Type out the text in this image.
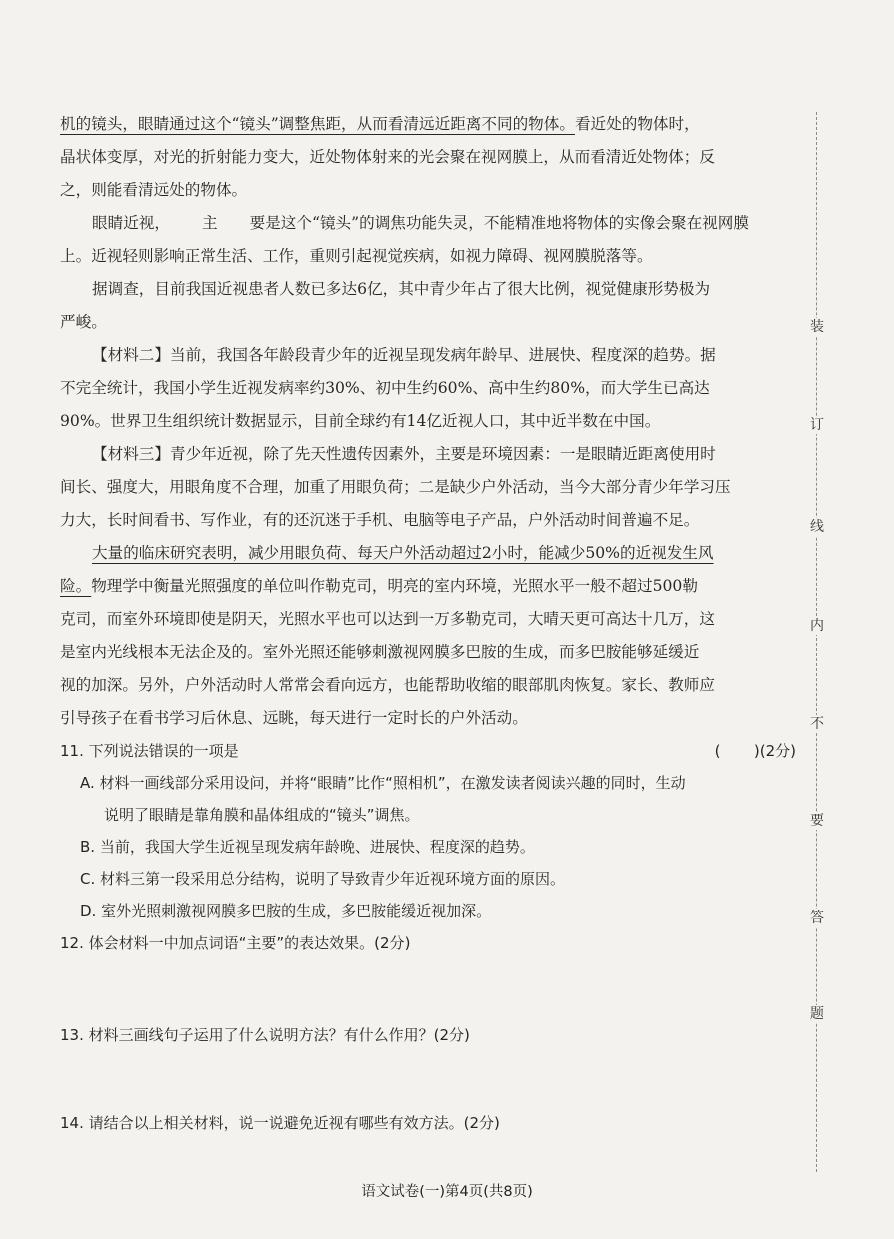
机的镜头，眼睛通过这个“镜头”调整焦距，从而看清远近距离不同的物体。看近处的物体时，
晶状体变厚，对光的折射能力变大，近处物体射来的光会聚在视网膜上，从而看清近处物体；反
之，则能看清远处的物体。
眼睛近视， 主 要是这个“镜头”的调焦功能失灵，不能精准地将物体的实像会聚在视网膜
上。近视轻则影响正常生活、工作，重则引起视觉疾病，如视力障碍、视网膜脱落等。
据调查，目前我国近视患者人数已多达6亿，其中青少年占了很大比例，视觉健康形势极为
严峻。
【材料二】当前，我国各年龄段青少年的近视呈现发病年龄早、进展快、程度深的趋势。据
不完全统计，我国小学生近视发病率约30%、初中生约60%、高中生约80%，而大学生已高达
90%。世界卫生组织统计数据显示，目前全球约有14亿近视人口，其中近半数在中国。
【材料三】青少年近视，除了先天性遗传因素外，主要是环境因素：一是眼睛近距离使用时
间长、强度大，用眼角度不合理，加重了用眼负荷；二是缺少户外活动，当今大部分青少年学习压
力大，长时间看书、写作业，有的还沉迷于手机、电脑等电子产品，户外活动时间普遍不足。
大量的临床研究表明，减少用眼负荷、每天户外活动超过2小时，能减少50%的近视发生风
险。物理学中衡量光照强度的单位叫作勒克司，明亮的室内环境，光照水平一般不超过500勒
克司，而室外环境即使是阴天，光照水平也可以达到一万多勒克司，大晴天更可高达十几万，这
是室内光线根本无法企及的。室外光照还能够刺激视网膜多巴胺的生成，而多巴胺能够延缓近
视的加深。另外，户外活动时人常常会看向远方，也能帮助收缩的眼部肌肉恢复。家长、教师应
引导孩子在看书学习后休息、远眺，每天进行一定时长的户外活动。
11. 下列说法错误的一项是	(       )(2分)
A. 材料一画线部分采用设问，并将“眼睛”比作“照相机”，在激发读者阅读兴趣的同时，生动
说明了眼睛是靠角膜和晶体组成的“镜头”调焦。
B. 当前，我国大学生近视呈现发病年龄晚、进展快、程度深的趋势。
C. 材料三第一段采用总分结构，说明了导致青少年近视环境方面的原因。
D. 室外光照刺激视网膜多巴胺的生成，多巴胺能缓近视加深。
12. 体会材料一中加点词语“主要”的表达效果。(2分)
13. 材料三画线句子运用了什么说明方法？有什么作用？(2分)
14. 请结合以上相关材料，说一说避免近视有哪些有效方法。(2分)
装
订
线
内
不
要
答
题
语文试卷(一)第4页(共8页)
